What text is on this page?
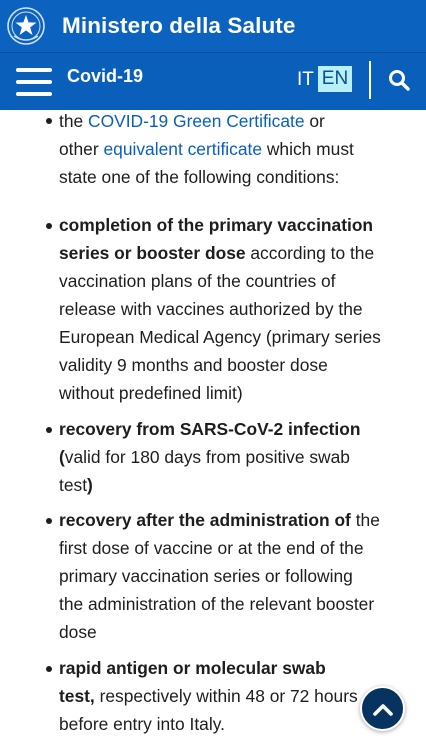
Ministero della Salute
Covid-19	IT EN
the COVID-19 Green Certificate or
other equivalent certificate which must
state one of the following conditions:
completion of the primary vaccination
series or booster dose according to the
vaccination plans of the countries of
release with vaccines authorized by the
European Medical Agency (primary series
validity 9 months and booster dose
without predefined limit)
recovery from SARS-CoV-2 infection
(valid for 180 days from positive swab
test)
recovery after the administration of the
first dose of vaccine or at the end of the
primary vaccination series or following
the administration of the relevant booster
dose
rapid antigen or molecular swab
test, respectively within 48 or 72 hours
before entry into Italy.
